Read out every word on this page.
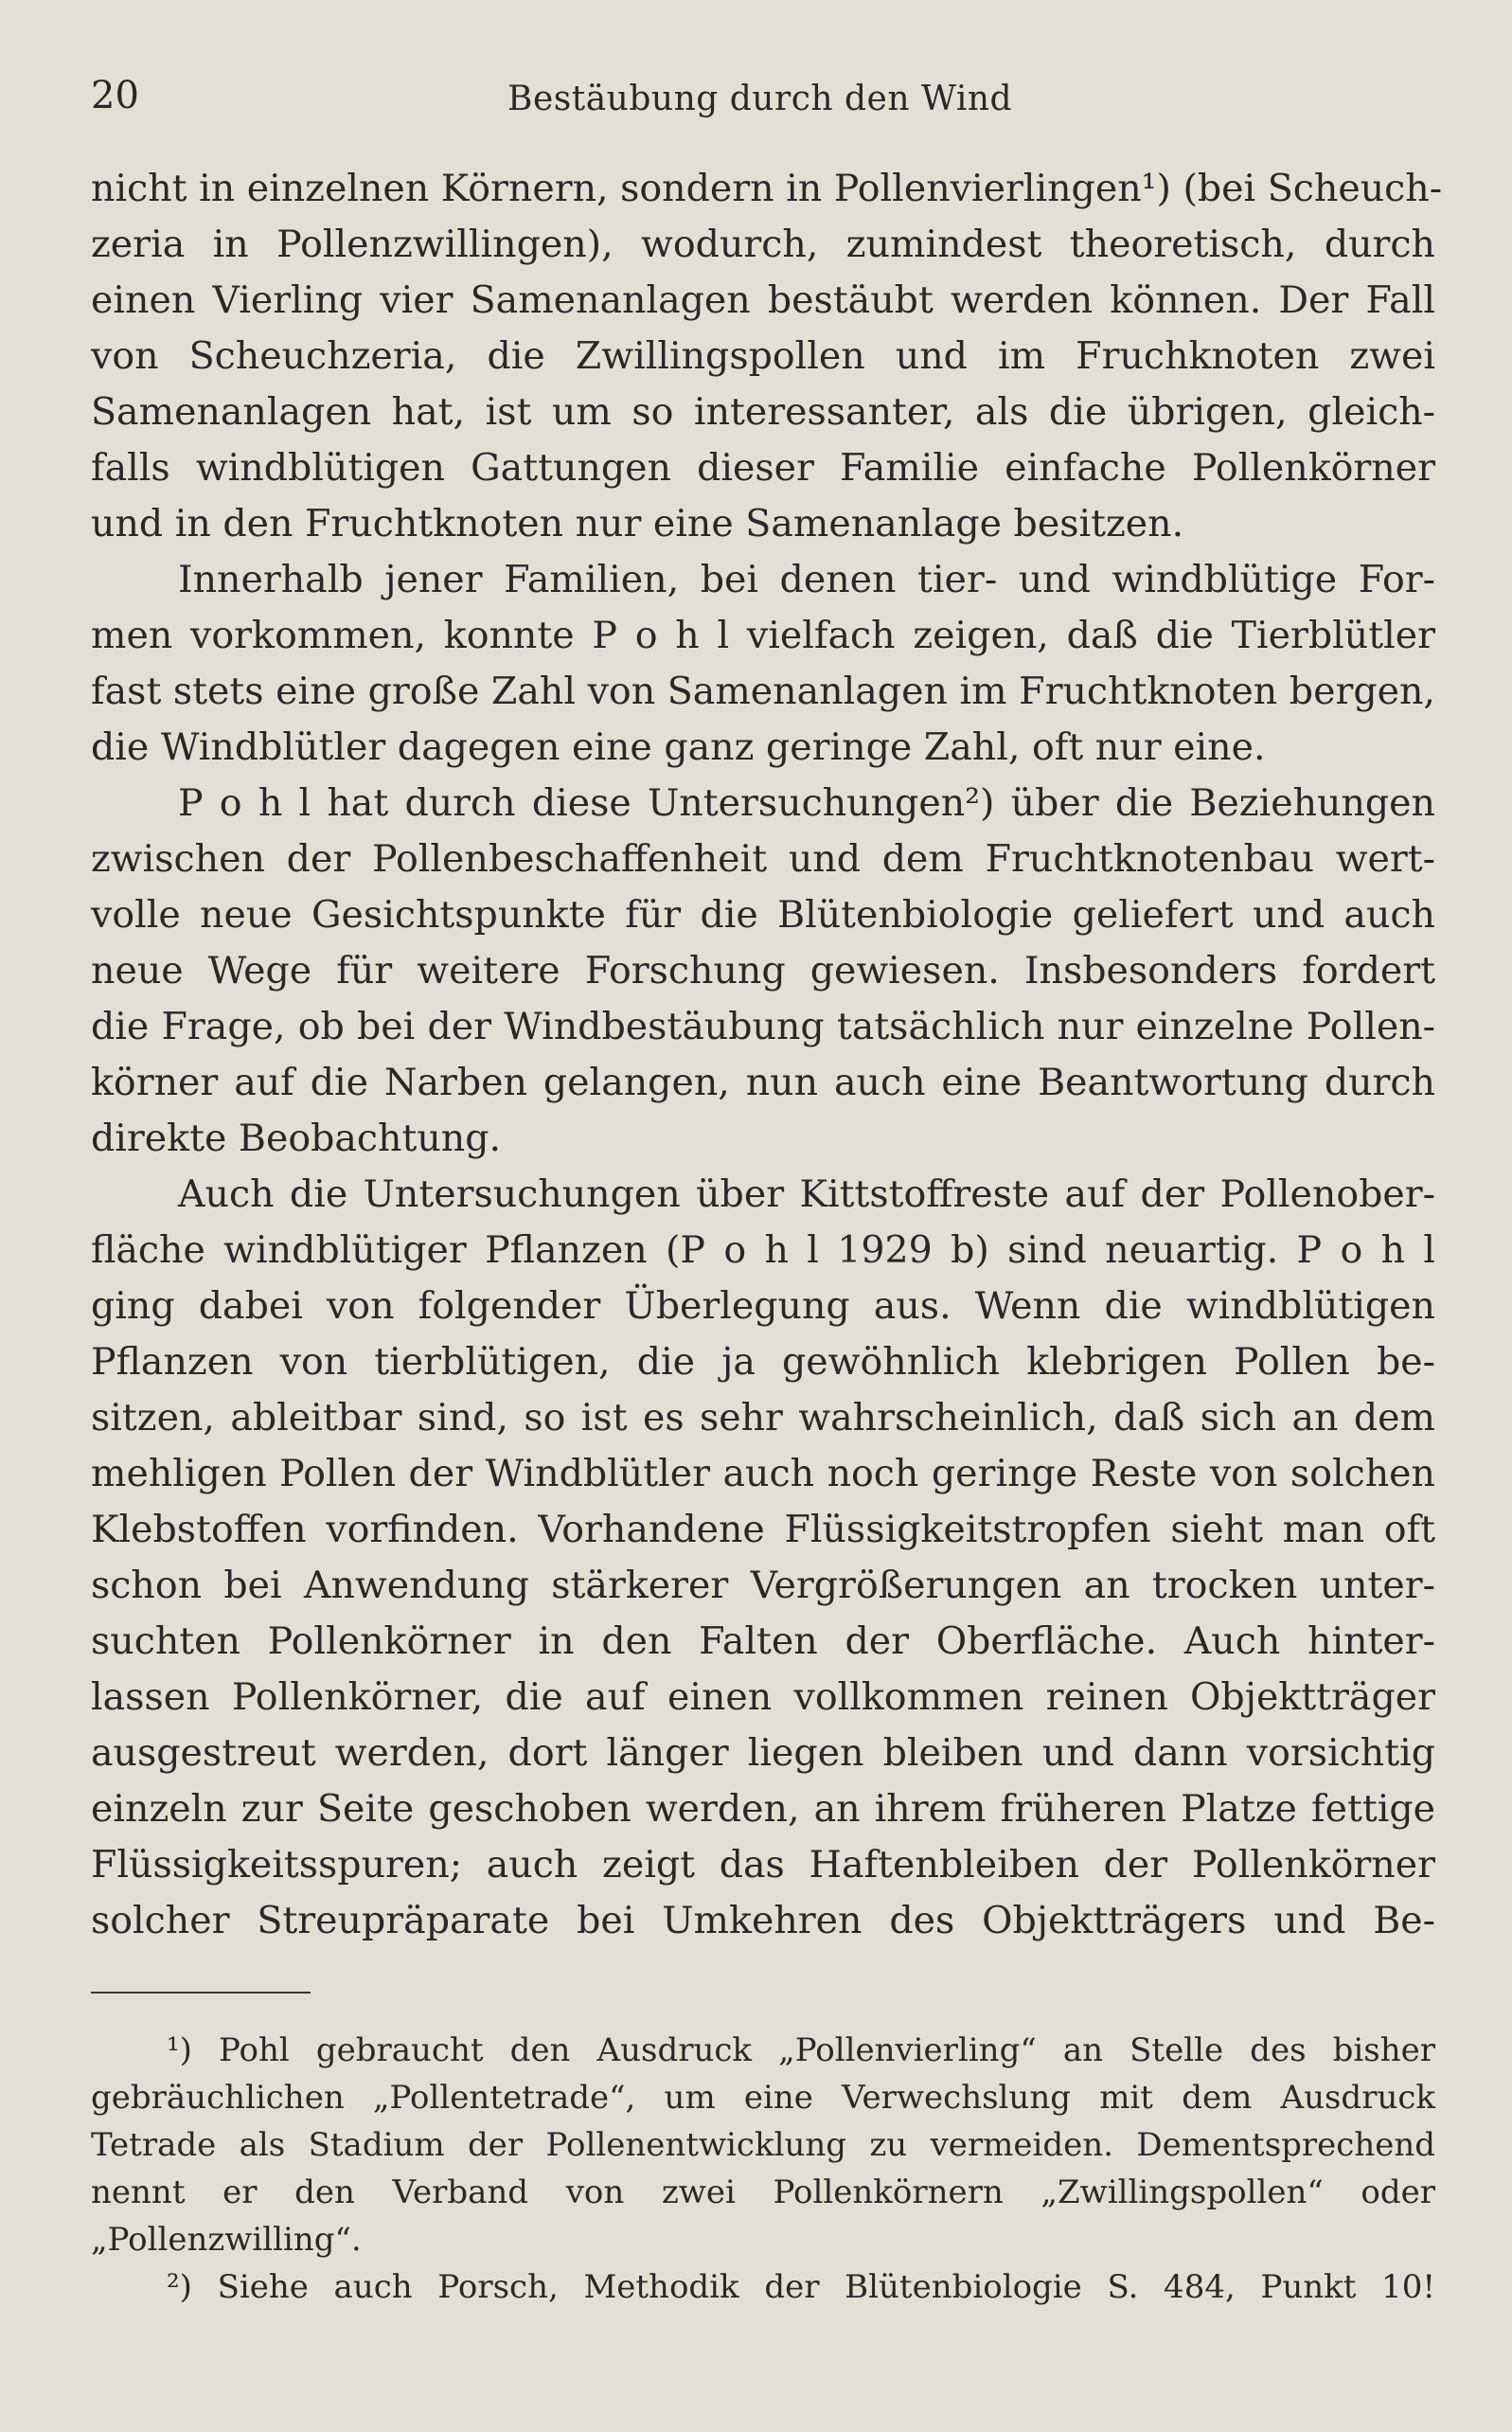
20	Bestäubung durch den Wind
nicht in einzelnen Körnern, sondern in Pollenvierlingen¹) (bei Scheuch-
zeria in Pollenzwillingen), wodurch, zumindest theoretisch, durch
einen Vierling vier Samenanlagen bestäubt werden können. Der Fall
von Scheuchzeria, die Zwillingspollen und im Fruchknoten zwei
Samenanlagen hat, ist um so interessanter, als die übrigen, gleich-
falls windblütigen Gattungen dieser Familie einfache Pollenkörner
und in den Fruchtknoten nur eine Samenanlage besitzen.
Innerhalb jener Familien, bei denen tier- und windblütige For-
men vorkommen, konnte P o h l vielfach zeigen, daß die Tierblütler
fast stets eine große Zahl von Samenanlagen im Fruchtknoten bergen,
die Windblütler dagegen eine ganz geringe Zahl, oft nur eine.
P o h l hat durch diese Untersuchungen²) über die Beziehungen
zwischen der Pollenbeschaffenheit und dem Fruchtknotenbau wert-
volle neue Gesichtspunkte für die Blütenbiologie geliefert und auch
neue Wege für weitere Forschung gewiesen. Insbesonders fordert
die Frage, ob bei der Windbestäubung tatsächlich nur einzelne Pollen-
körner auf die Narben gelangen, nun auch eine Beantwortung durch
direkte Beobachtung.
Auch die Untersuchungen über Kittstoffreste auf der Pollenober-
fläche windblütiger Pflanzen (P o h l 1929 b) sind neuartig. P o h l
ging dabei von folgender Überlegung aus. Wenn die windblütigen
Pflanzen von tierblütigen, die ja gewöhnlich klebrigen Pollen be-
sitzen, ableitbar sind, so ist es sehr wahrscheinlich, daß sich an dem
mehligen Pollen der Windblütler auch noch geringe Reste von solchen
Klebstoffen vorfinden. Vorhandene Flüssigkeitstropfen sieht man oft
schon bei Anwendung stärkerer Vergrößerungen an trocken unter-
suchten Pollenkörner in den Falten der Oberfläche. Auch hinter-
lassen Pollenkörner, die auf einen vollkommen reinen Objektträger
ausgestreut werden, dort länger liegen bleiben und dann vorsichtig
einzeln zur Seite geschoben werden, an ihrem früheren Platze fettige
Flüssigkeitsspuren; auch zeigt das Haftenbleiben der Pollenkörner
solcher Streupräparate bei Umkehren des Objektträgers und Be-
¹) Pohl gebraucht den Ausdruck „Pollenvierling“ an Stelle des bisher
gebräuchlichen „Pollentetrade“, um eine Verwechslung mit dem Ausdruck
Tetrade als Stadium der Pollenentwicklung zu vermeiden. Dementsprechend
nennt er den Verband von zwei Pollenkörnern „Zwillingspollen“ oder
„Pollenzwilling“.
²) Siehe auch Porsch, Methodik der Blütenbiologie S. 484, Punkt 10!
